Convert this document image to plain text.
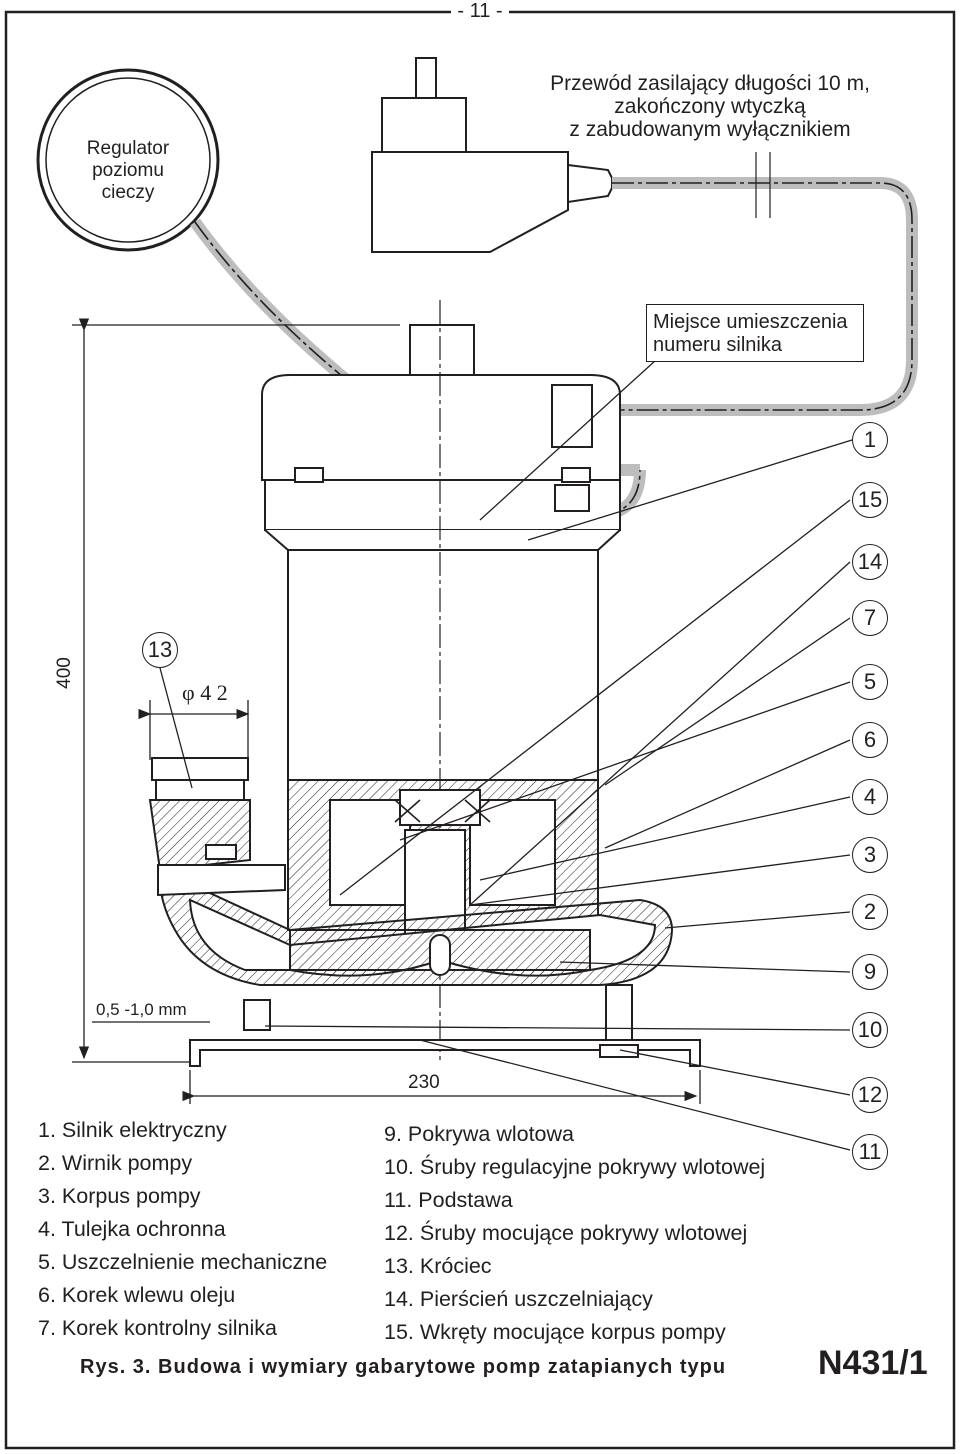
- 11 -
Regulator
poziomu
cieczy
Przewód zasilający długości 10 m,
zakończony wtyczką
z zabudowanym wyłącznikiem
Miejsce umieszczenia
numeru silnika
400
φ 4 2
0,5 -1,0 mm
230
1
15
14
7
5
6
4
3
2
9
10
12
11
13
1. Silnik elektryczny
2. Wirnik pompy
3. Korpus pompy
4. Tulejka ochronna
5. Uszczelnienie mechaniczne
6. Korek wlewu oleju
7. Korek kontrolny silnika
9. Pokrywa wlotowa
10. Śruby regulacyjne pokrywy wlotowej
11. Podstawa
12. Śruby mocujące pokrywy wlotowej
13. Króciec
14. Pierścień uszczelniający
15. Wkręty mocujące korpus pompy
Rys. 3. Budowa i wymiary gabarytowe pomp zatapianych typu	N431/1
